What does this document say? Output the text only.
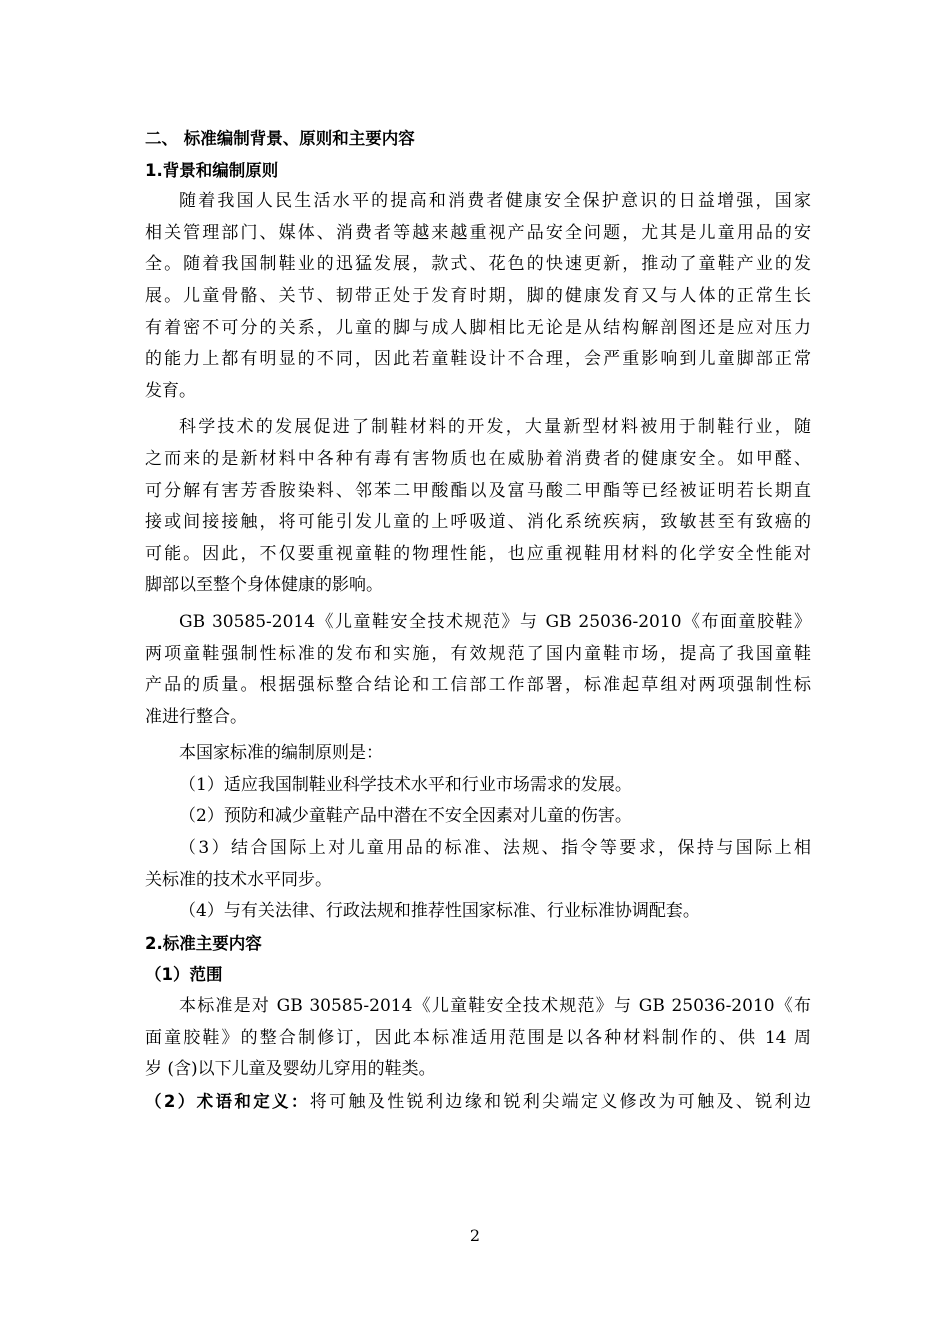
二、 标准编制背景、原则和主要内容

1.背景和编制原则

随着我国人民生活水平的提高和消费者健康安全保护意识的日益增强，国家

相关管理部门、媒体、消费者等越来越重视产品安全问题，尤其是儿童用品的安

全。随着我国制鞋业的迅猛发展，款式、花色的快速更新，推动了童鞋产业的发

展。儿童骨骼、关节、韧带正处于发育时期，脚的健康发育又与人体的正常生长

有着密不可分的关系，儿童的脚与成人脚相比无论是从结构解剖图还是应对压力

的能力上都有明显的不同，因此若童鞋设计不合理，会严重影响到儿童脚部正常

发育。

科学技术的发展促进了制鞋材料的开发，大量新型材料被用于制鞋行业，随

之而来的是新材料中各种有毒有害物质也在威胁着消费者的健康安全。如甲醛、

可分解有害芳香胺染料、邻苯二甲酸酯以及富马酸二甲酯等已经被证明若长期直

接或间接接触，将可能引发儿童的上呼吸道、消化系统疾病，致敏甚至有致癌的

可能。因此，不仅要重视童鞋的物理性能，也应重视鞋用材料的化学安全性能对

脚部以至整个身体健康的影响。

GB 30585-2014《儿童鞋安全技术规范》与 GB 25036-2010《布面童胶鞋》

两项童鞋强制性标准的发布和实施，有效规范了国内童鞋市场，提高了我国童鞋

产品的质量。根据强标整合结论和工信部工作部署，标准起草组对两项强制性标

准进行整合。

本国家标准的编制原则是：

（1）适应我国制鞋业科学技术水平和行业市场需求的发展。

（2）预防和减少童鞋产品中潜在不安全因素对儿童的伤害。

（3）结合国际上对儿童用品的标准、法规、指令等要求，保持与国际上相

关标准的技术水平同步。

（4）与有关法律、行政法规和推荐性国家标准、行业标准协调配套。

2.标准主要内容

（1）范围

本标准是对 GB 30585-2014《儿童鞋安全技术规范》与 GB 25036-2010《布

面童胶鞋》的整合制修订，因此本标准适用范围是以各种材料制作的、供 14 周

岁 (含)以下儿童及婴幼儿穿用的鞋类。

（2）术语和定义：将可触及性锐利边缘和锐利尖端定义修改为可触及、锐利边

2
